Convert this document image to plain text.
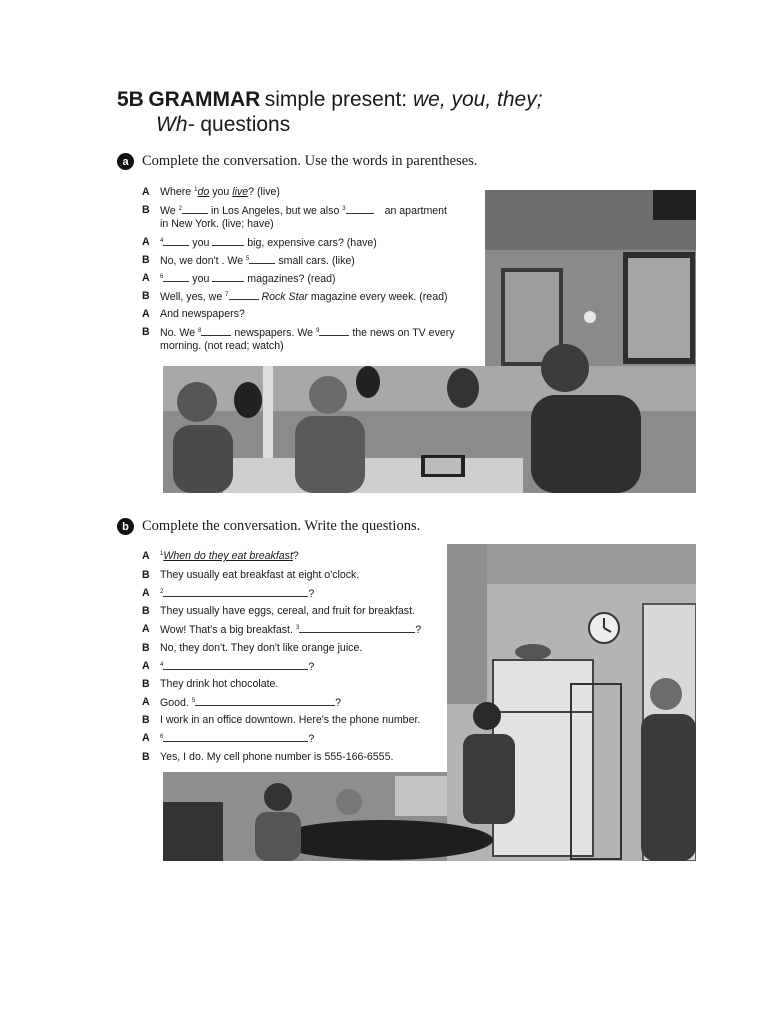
5B GRAMMAR simple present: we, you, they;
Wh- questions
a Complete the conversation. Use the words in parentheses.
A Where $^1$do you live? (live)
B We $^2$ in Los Angeles, but we also $^3$	an apartment
in New York. (live; have)
A	$^4$ you	big, expensive cars? (have)
B No, we don't . We $^5$ small cars. (like)
A	$^6$ you	magazines? (read)
B Well, yes, we $^7$	Rock Star magazine every week. (read)
A And newspapers?
B No. We $^8$	newspapers. We $^9$	the news on TV every
morning. (not read; watch)
b Complete the conversation. Write the questions.
A	$^1$When do they eat breakfast?
B They usually eat breakfast at eight o'clock.
A	$^2$	?
B They usually have eggs, cereal, and fruit for breakfast.
A Wow! That's a big breakfast. $^3$	?
B No, they don't. They don't like orange juice.
A	$^4$	?
B They drink hot chocolate.
A Good. $^5$	?
B I work in an office downtown. Here's the phone number.
A	$^6$	?
B Yes, I do. My cell phone number is 555-166-6555.
